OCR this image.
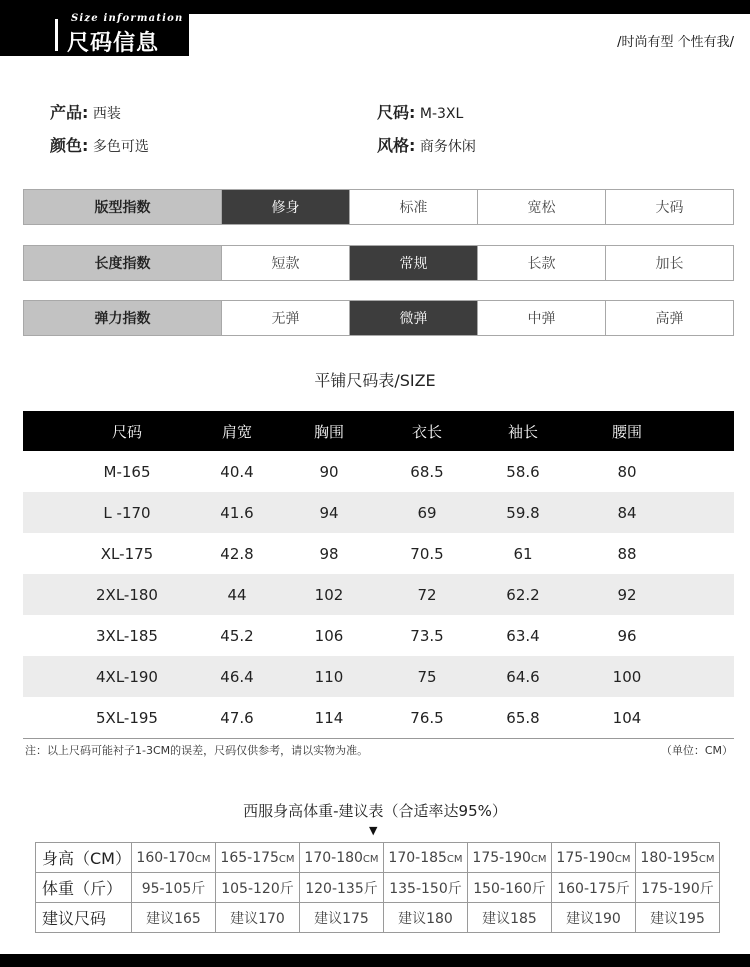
Size information
尺码信息	/时尚有型 个性有我/
产品: 西装	尺码: M-3XL
颜色: 多色可选	风格: 商务休闲
版型指数	修身	标准	宽松	大码
长度指数	短款	常规	长款	加长
弹力指数	无弹	微弹	中弹	高弹
平铺尺码表/SIZE
尺码	肩宽	胸围	衣长	袖长	腰围
M-165	40.4	90	68.5	58.6	80
L -170	41.6	94	69	59.8	84
XL-175	42.8	98	70.5	61	88
2XL-180	44	102	72	62.2	92
3XL-185	45.2	106	73.5	63.4	96
4XL-190	46.4	110	75	64.6	100
5XL-195	47.6	114	76.5	65.8	104
注：以上尺码可能衬子1-3CM的误差，尺码仅供参考，请以实物为准。	（单位：CM）
西服身高体重-建议表（合适率达95%）
▼
身高（CM）	160-170CM	165-175CM	170-180CM	170-185CM	175-190CM	175-190CM	180-195CM
体重（斤）	95-105斤	105-120斤	120-135斤	135-150斤	150-160斤	160-175斤	175-190斤
建议尺码	建议165	建议170	建议175	建议180	建议185	建议190	建议195
